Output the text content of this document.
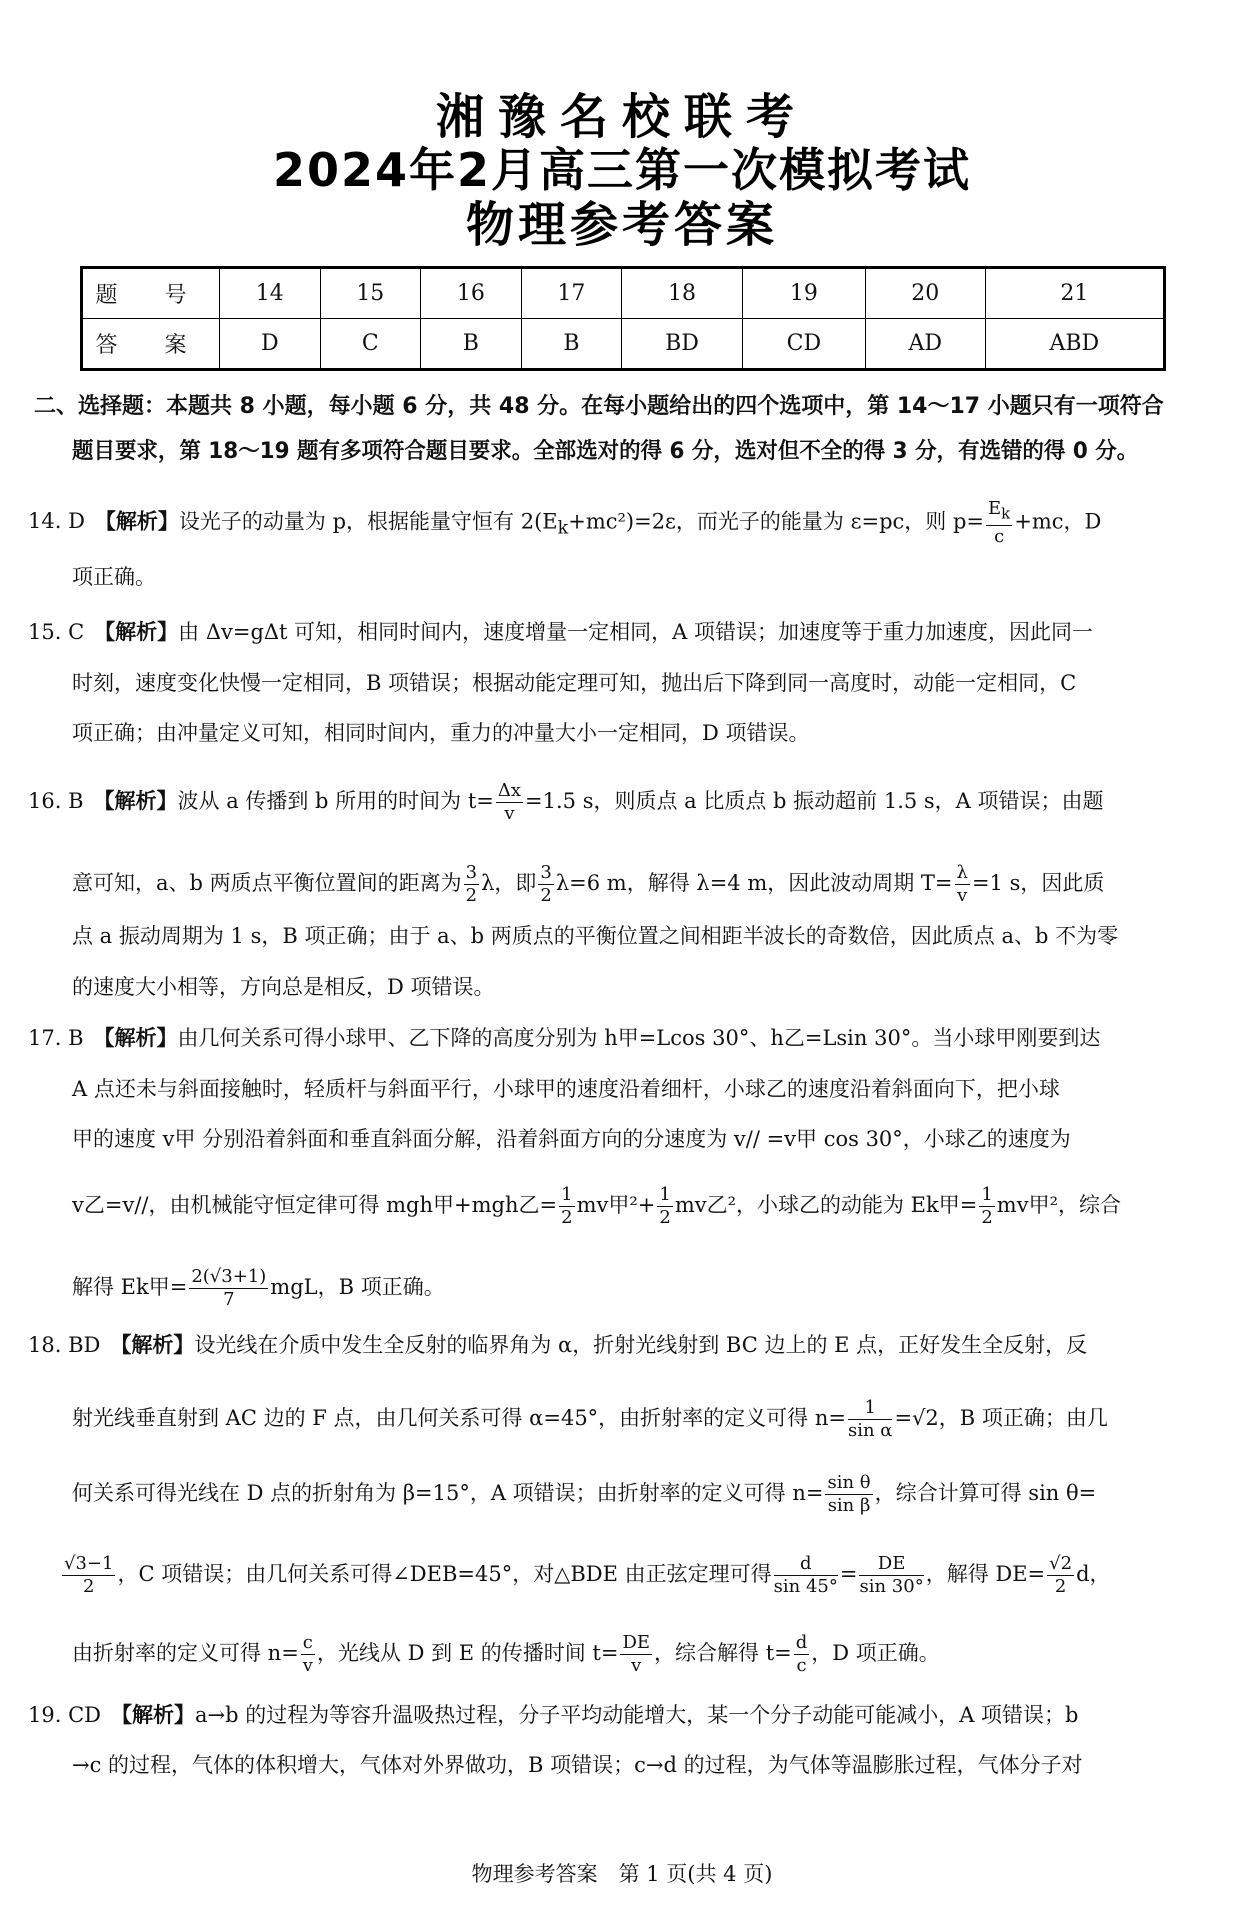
湘豫名校联考
2024年2月高三第一次模拟考试
物理参考答案
题 号	14	15	16	17	18	19	20	21
答 案	D	C	B	B	BD	CD	AD	ABD
二、选择题：本题共 8 小题，每小题 6 分，共 48 分。在每小题给出的四个选项中，第 14～17 小题只有一项符合
题目要求，第 18～19 题有多项符合题目要求。全部选对的得 6 分，选对但不全的得 3 分，有选错的得 0 分。
14. D 【解析】设光子的动量为 p，根据能量守恒有 $2(E_k+mc^2)=2\varepsilon$，而光子的能量为 ε=pc，则 $p= \frac{E_k}{c} +mc$，D
项正确。
15. C 【解析】由 Δv=gΔt 可知，相同时间内，速度增量一定相同，A 项错误；加速度等于重力加速度，因此同一
时刻，速度变化快慢一定相同，B 项错误；根据动能定理可知，抛出后下降到同一高度时，动能一定相同，C
项正确；由冲量定义可知，相同时间内，重力的冲量大小一定相同，D 项错误。
16. B 【解析】波从 a 传播到 b 所用的时间为 $t= \frac{\Delta x}{v} =1.5$ s，则质点 a 比质点 b 振动超前 1.5 s，A 项错误；由题
意可知，a、b 两质点平衡位置间的距离为 $\frac{3}{2}$ λ，即 $\frac{3}{2} \lambda=6$ m，解得 λ=4 m，因此波动周期 $T= \frac{\lambda}{v} =1$ s，因此质
点 a 振动周期为 1 s，B 项正确；由于 a、b 两质点的平衡位置之间相距半波长的奇数倍，因此质点 a、b 不为零
的速度大小相等，方向总是相反，D 项错误。
17. B 【解析】由几何关系可得小球甲、乙下降的高度分别为 h甲=Lcos 30°、h乙=Lsin 30°。当小球甲刚要到达
A 点还未与斜面接触时，轻质杆与斜面平行，小球甲的速度沿着细杆，小球乙的速度沿着斜面向下，把小球
甲的速度 v甲 分别沿着斜面和垂直斜面分解，沿着斜面方向的分速度为 v// =v甲 cos 30°，小球乙的速度为
v乙=v//，由机械能守恒定律可得 mgh甲+mgh乙= $\frac{1}{2}$ mv甲$^2+ \frac{1}{2}$ mv乙²，小球乙的动能为 Ek甲= $\frac{1}{2}$ mv甲²，综合
解得 Ek甲= $\frac{2(√3+1)}{7}$ mgL，B 项正确。
18. BD 【解析】设光线在介质中发生全反射的临界角为 α，折射光线射到 BC 边上的 E 点，正好发生全反射，反
射光线垂直射到 AC 边的 F 点，由几何关系可得 α=45°，由折射率的定义可得 $n= \frac{1}{\text{sin α}} =√2$，B 项正确；由几
何关系可得光线在 D 点的折射角为 β=15°，A 项错误；由折射率的定义可得 $n= \frac{\text{sin θ}}{\text{sin β}}$ ，综合计算可得 sin θ=
$\frac{√3-1}{2}$ ，C 项错误；由几何关系可得∠DEB=45°，对△BDE 由正弦定理可得 $\frac{d}{\sin 45^\circ} = \frac{DE}{\sin 30^\circ}$ ，解得 $DE= \frac{√2}{2}$ d，
由折射率的定义可得 $n= \frac{c}{v}$ ，光线从 D 到 E 的传播时间 $t= \frac{DE}{v}$ ，综合解得 $t= \frac{d}{c}$ ，D 项正确。
19. CD 【解析】a→b 的过程为等容升温吸热过程，分子平均动能增大，某一个分子动能可能减小，A 项错误；b
→c 的过程，气体的体积增大，气体对外界做功，B 项错误；c→d 的过程，为气体等温膨胀过程，气体分子对
物理参考答案　第 1 页(共 4 页)
